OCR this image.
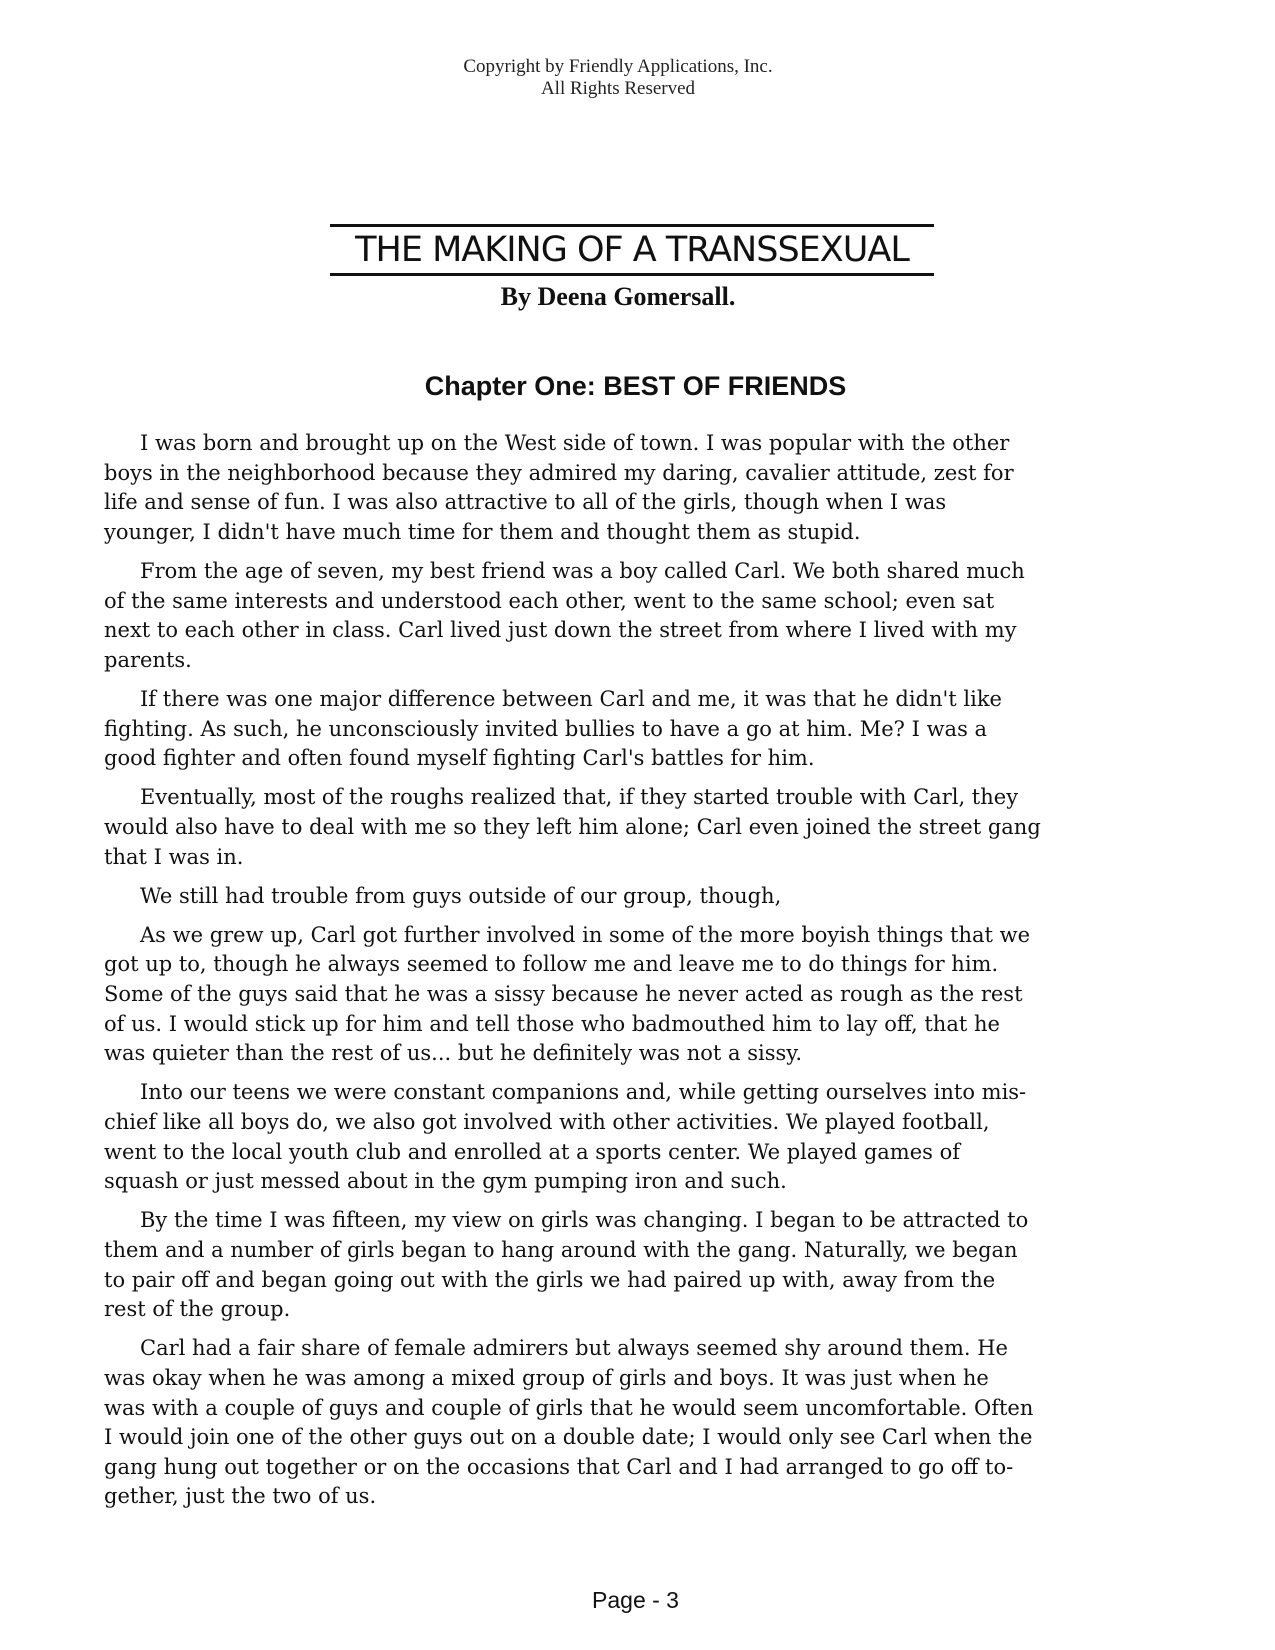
Copyright by Friendly Applications, Inc.
All Rights Reserved
THE MAKING OF A TRANSSEXUAL
By Deena Gomersall.
Chapter One: BEST OF FRIENDS

I was born and brought up on the West side of town. I was popular with the other
boys in the neighborhood because they admired my daring, cavalier attitude, zest for
life and sense of fun. I was also attractive to all of the girls, though when I was
younger, I didn't have much time for them and thought them as stupid.

From the age of seven, my best friend was a boy called Carl. We both shared much
of the same interests and understood each other, went to the same school; even sat
next to each other in class. Carl lived just down the street from where I lived with my
parents.

If there was one major difference between Carl and me, it was that he didn't like
fighting. As such, he unconsciously invited bullies to have a go at him. Me? I was a
good fighter and often found myself fighting Carl's battles for him.

Eventually, most of the roughs realized that, if they started trouble with Carl, they
would also have to deal with me so they left him alone; Carl even joined the street gang
that I was in.

We still had trouble from guys outside of our group, though,

As we grew up, Carl got further involved in some of the more boyish things that we
got up to, though he always seemed to follow me and leave me to do things for him.
Some of the guys said that he was a sissy because he never acted as rough as the rest
of us. I would stick up for him and tell those who badmouthed him to lay off, that he
was quieter than the rest of us... but he definitely was not a sissy.

Into our teens we were constant companions and, while getting ourselves into mis-
chief like all boys do, we also got involved with other activities. We played football,
went to the local youth club and enrolled at a sports center. We played games of
squash or just messed about in the gym pumping iron and such.

By the time I was fifteen, my view on girls was changing. I began to be attracted to
them and a number of girls began to hang around with the gang. Naturally, we began
to pair off and began going out with the girls we had paired up with, away from the
rest of the group.

Carl had a fair share of female admirers but always seemed shy around them. He
was okay when he was among a mixed group of girls and boys. It was just when he
was with a couple of guys and couple of girls that he would seem uncomfortable. Often
I would join one of the other guys out on a double date; I would only see Carl when the
gang hung out together or on the occasions that Carl and I had arranged to go off to-
gether, just the two of us.

Page - 3
